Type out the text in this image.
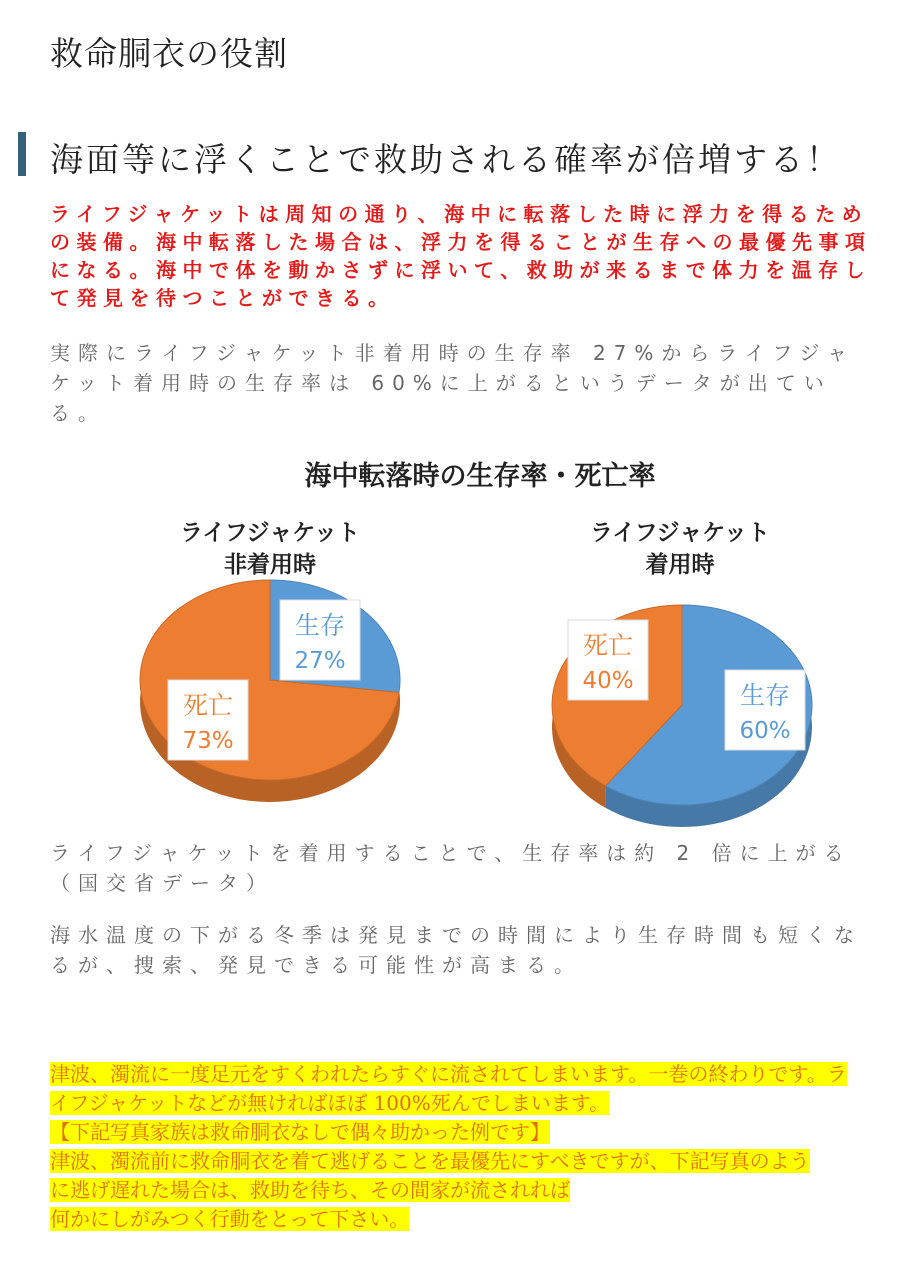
救命胴衣の役割
海面等に浮くことで救助される確率が倍増する！
ライフジャケットは周知の通り、海中に転落した時に浮力を得るための装備。海中転落した場合は、浮力を得ることが生存への最優先事項になる。海中で体を動かさずに浮いて、救助が来るまで体力を温存して発見を待つことができる。
実際にライフジャケット非着用時の生存率 27%からライフジャケット着用時の生存率は 60%に上がるというデータが出ている。
海中転落時の生存率・死亡率
ライフジャケット
非着用時
生存
27%
死亡
73%
ライフジャケット
着用時
生存
60%
死亡
40%
ライフジャケットを着用することで、生存率は約 2 倍に上がる（国交省データ）
海水温度の下がる冬季は発見までの時間により生存時間も短くなるが、捜索、発見できる可能性が高まる。
津波、濁流に一度足元をすくわれたらすぐに流されてしまいます。一巻の終わりです。ラ
イフジャケットなどが無ければほぼ 100%死んでしまいます。
【下記写真家族は救命胴衣なしで偶々助かった例です】
津波、濁流前に救命胴衣を着て逃げることを最優先にすべきですが、下記写真のよう
に逃げ遅れた場合は、救助を待ち、その間家が流されれば
何かにしがみつく行動をとって下さい。
